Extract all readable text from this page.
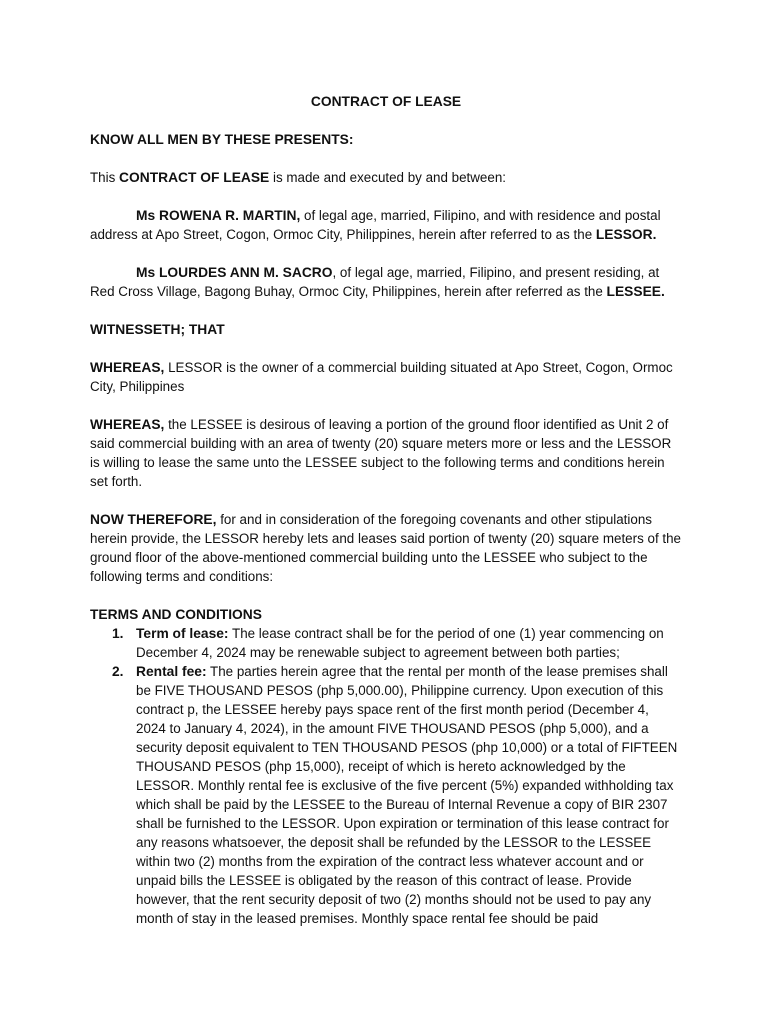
CONTRACT OF LEASE

KNOW ALL MEN BY THESE PRESENTS:

This CONTRACT OF LEASE is made and executed by and between:

Ms ROWENA R. MARTIN, of legal age, married, Filipino, and with residence and postal address at Apo Street, Cogon, Ormoc City, Philippines, herein after referred to as the LESSOR.

Ms LOURDES ANN M. SACRO, of legal age, married, Filipino, and present residing, at Red Cross Village, Bagong Buhay, Ormoc City, Philippines, herein after referred as the LESSEE.

WITNESSETH; THAT

WHEREAS, LESSOR is the owner of a commercial building situated at Apo Street, Cogon, Ormoc City, Philippines

WHEREAS, the LESSEE is desirous of leaving a portion of the ground floor identified as Unit 2 of said commercial building with an area of twenty (20) square meters more or less and the LESSOR is willing to lease the same unto the LESSEE subject to the following terms and conditions herein set forth.

NOW THEREFORE, for and in consideration of the foregoing covenants and other stipulations herein provide, the LESSOR hereby lets and leases said portion of twenty (20) square meters of the ground floor of the above-mentioned commercial building unto the LESSEE who subject to the following terms and conditions:

TERMS AND CONDITIONS
1. Term of lease: The lease contract shall be for the period of one (1) year commencing on December 4, 2024 may be renewable subject to agreement between both parties;
2. Rental fee: The parties herein agree that the rental per month of the lease premises shall be FIVE THOUSAND PESOS (php 5,000.00), Philippine currency. Upon execution of this contract p, the LESSEE hereby pays space rent of the first month period (December 4, 2024 to January 4, 2024), in the amount FIVE THOUSAND PESOS (php 5,000), and a security deposit equivalent to TEN THOUSAND PESOS (php 10,000) or a total of FIFTEEN THOUSAND PESOS (php 15,000), receipt of which is hereto acknowledged by the LESSOR. Monthly rental fee is exclusive of the five percent (5%) expanded withholding tax which shall be paid by the LESSEE to the Bureau of Internal Revenue a copy of BIR 2307 shall be furnished to the LESSOR. Upon expiration or termination of this lease contract for any reasons whatsoever, the deposit shall be refunded by the LESSOR to the LESSEE within two (2) months from the expiration of the contract less whatever account and or unpaid bills the LESSEE is obligated by the reason of this contract of lease. Provide however, that the rent security deposit of two (2) months should not be used to pay any month of stay in the leased premises. Monthly space rental fee should be paid
